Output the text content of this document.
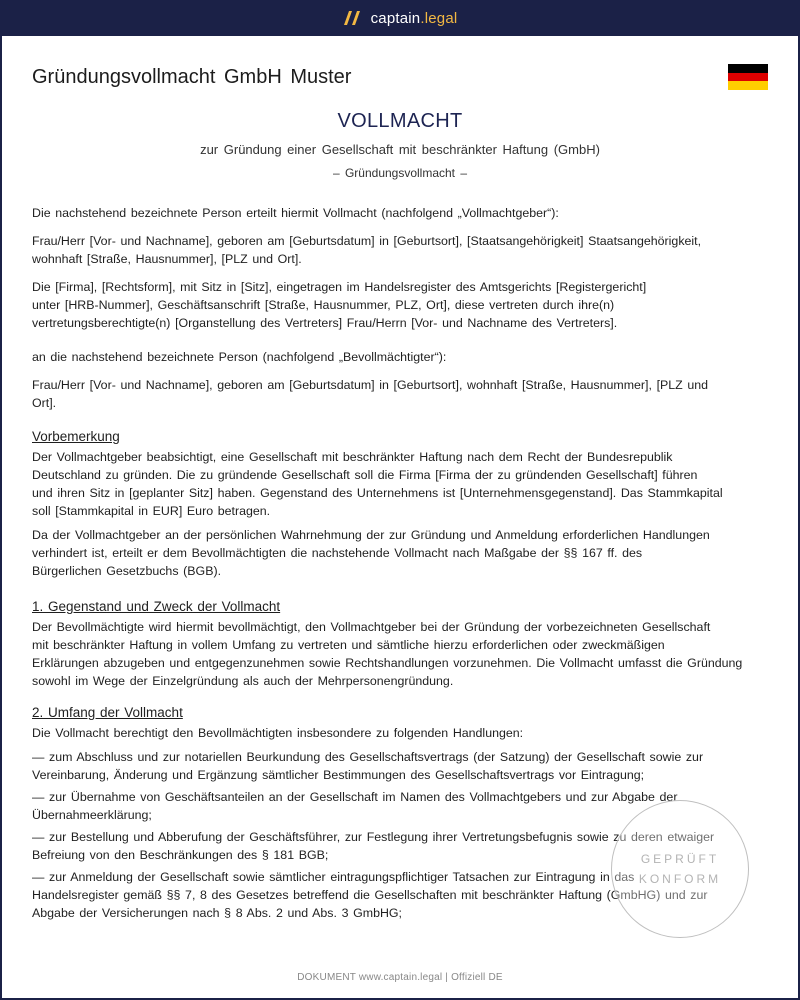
captain.legal
Gründungsvollmacht GmbH Muster
VOLLMACHT
zur Gründung einer Gesellschaft mit beschränkter Haftung (GmbH)
– Gründungsvollmacht –

Die nachstehend bezeichnete Person erteilt hiermit Vollmacht (nachfolgend „Vollmachtgeber“):

Frau/Herr [Vor- und Nachname], geboren am [Geburtsdatum] in [Geburtsort], [Staatsangehörigkeit] Staatsangehörigkeit,
wohnhaft [Straße, Hausnummer], [PLZ und Ort].
Die [Firma], [Rechtsform], mit Sitz in [Sitz], eingetragen im Handelsregister des Amtsgerichts [Registergericht]
unter [HRB-Nummer], Geschäftsanschrift [Straße, Hausnummer, PLZ, Ort], diese vertreten durch ihre(n)
vertretungsberechtigte(n) [Organstellung des Vertreters] Frau/Herrn [Vor- und Nachname des Vertreters].

an die nachstehend bezeichnete Person (nachfolgend „Bevollmächtigter“):

Frau/Herr [Vor- und Nachname], geboren am [Geburtsdatum] in [Geburtsort], wohnhaft [Straße, Hausnummer], [PLZ und
Ort].
Vorbemerkung
Der Vollmachtgeber beabsichtigt, eine Gesellschaft mit beschränkter Haftung nach dem Recht der Bundesrepublik
Deutschland zu gründen. Die zu gründende Gesellschaft soll die Firma [Firma der zu gründenden Gesellschaft] führen
und ihren Sitz in [geplanter Sitz] haben. Gegenstand des Unternehmens ist [Unternehmensgegenstand]. Das Stammkapital
soll [Stammkapital in EUR] Euro betragen.
Da der Vollmachtgeber an der persönlichen Wahrnehmung der zur Gründung und Anmeldung erforderlichen Handlungen
verhindert ist, erteilt er dem Bevollmächtigten die nachstehende Vollmacht nach Maßgabe der §§ 167 ff. des
Bürgerlichen Gesetzbuchs (BGB).
1. Gegenstand und Zweck der Vollmacht
Der Bevollmächtigte wird hiermit bevollmächtigt, den Vollmachtgeber bei der Gründung der vorbezeichneten Gesellschaft
mit beschränkter Haftung in vollem Umfang zu vertreten und sämtliche hierzu erforderlichen oder zweckmäßigen
Erklärungen abzugeben und entgegenzunehmen sowie Rechtshandlungen vorzunehmen. Die Vollmacht umfasst die Gründung
sowohl im Wege der Einzelgründung als auch der Mehrpersonengründung.
2. Umfang der Vollmacht

Die Vollmacht berechtigt den Bevollmächtigten insbesondere zu folgenden Handlungen:

— zum Abschluss und zur notariellen Beurkundung des Gesellschaftsvertrags (der Satzung) der Gesellschaft sowie zur
Vereinbarung, Änderung und Ergänzung sämtlicher Bestimmungen des Gesellschaftsvertrags vor Eintragung;
— zur Übernahme von Geschäftsanteilen an der Gesellschaft im Namen des Vollmachtgebers und zur Abgabe der
Übernahmeerklärung;
— zur Bestellung und Abberufung der Geschäftsführer, zur Festlegung ihrer Vertretungsbefugnis sowie zu deren etwaiger
Befreiung von den Beschränkungen des § 181 BGB;
— zur Anmeldung der Gesellschaft sowie sämtlicher eintragungspflichtiger Tatsachen zur Eintragung in das
Handelsregister gemäß §§ 7, 8 des Gesetzes betreffend die Gesellschaften mit beschränkter Haftung (GmbHG) und zur
Abgabe der Versicherungen nach § 8 Abs. 2 und Abs. 3 GmbHG;
GEPRÜFT
KONFORM
DOKUMENT www.captain.legal | Offiziell DE
